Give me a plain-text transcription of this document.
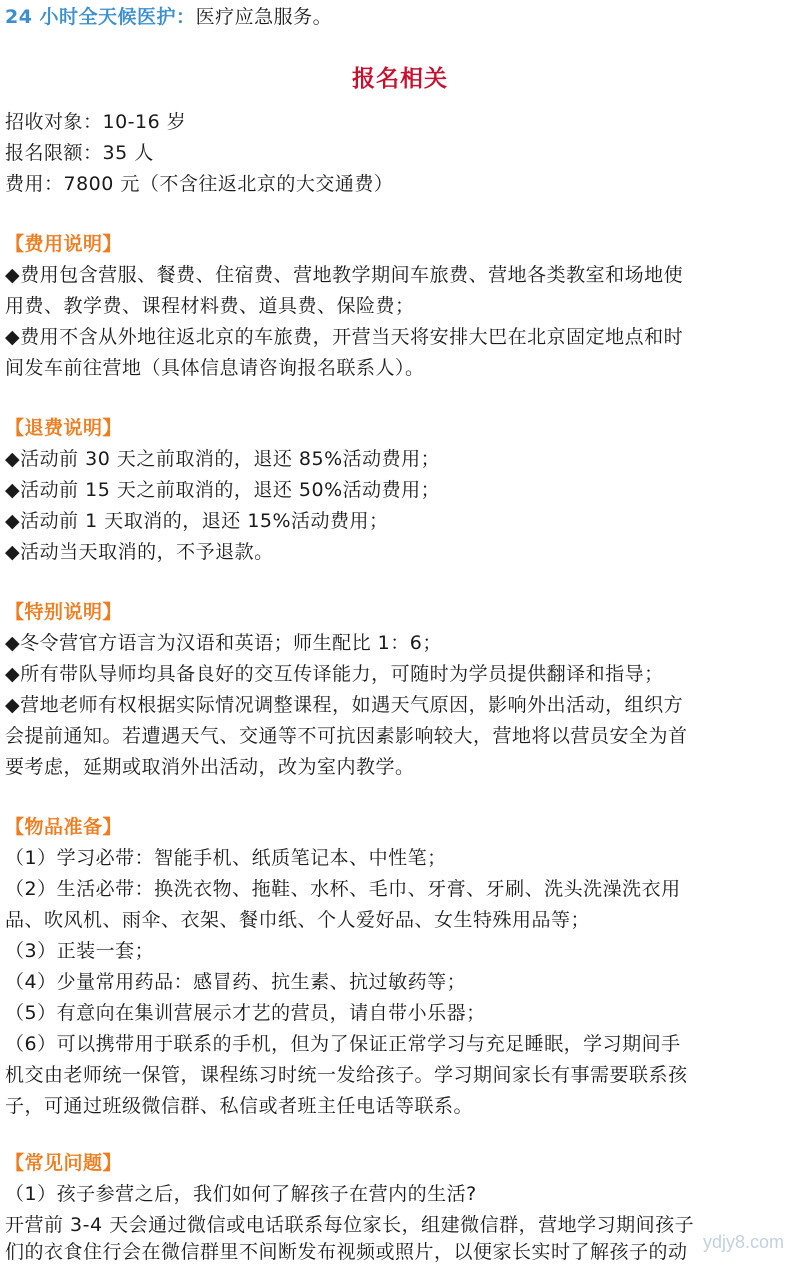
24 小时全天候医护：医疗应急服务。
报名相关
招收对象：10-16 岁
报名限额：35 人
费用：7800 元（不含往返北京的大交通费）
【费用说明】
◆费用包含营服、餐费、住宿费、营地教学期间车旅费、营地各类教室和场地使
用费、教学费、课程材料费、道具费、保险费；
◆费用不含从外地往返北京的车旅费，开营当天将安排大巴在北京固定地点和时
间发车前往营地（具体信息请咨询报名联系人）。
【退费说明】
◆活动前 30 天之前取消的，退还 85%活动费用；
◆活动前 15 天之前取消的，退还 50%活动费用；
◆活动前 1 天取消的，退还 15%活动费用；
◆活动当天取消的，不予退款。
【特别说明】
◆冬令营官方语言为汉语和英语；师生配比 1：6；
◆所有带队导师均具备良好的交互传译能力，可随时为学员提供翻译和指导；
◆营地老师有权根据实际情况调整课程，如遇天气原因，影响外出活动，组织方
会提前通知。若遭遇天气、交通等不可抗因素影响较大，营地将以营员安全为首
要考虑，延期或取消外出活动，改为室内教学。
【物品准备】
（1）学习必带：智能手机、纸质笔记本、中性笔；
（2）生活必带：换洗衣物、拖鞋、水杯、毛巾、牙膏、牙刷、洗头洗澡洗衣用
品、吹风机、雨伞、衣架、餐巾纸、个人爱好品、女生特殊用品等；
（3）正装一套；
（4）少量常用药品：感冒药、抗生素、抗过敏药等；
（5）有意向在集训营展示才艺的营员，请自带小乐器；
（6）可以携带用于联系的手机，但为了保证正常学习与充足睡眠，学习期间手
机交由老师统一保管，课程练习时统一发给孩子。学习期间家长有事需要联系孩
子，可通过班级微信群、私信或者班主任电话等联系。
【常见问题】
（1）孩子参营之后，我们如何了解孩子在营内的生活?
开营前 3-4 天会通过微信或电话联系每位家长，组建微信群，营地学习期间孩子
们的衣食住行会在微信群里不间断发布视频或照片，以便家长实时了解孩子的动 ydjy8.com
